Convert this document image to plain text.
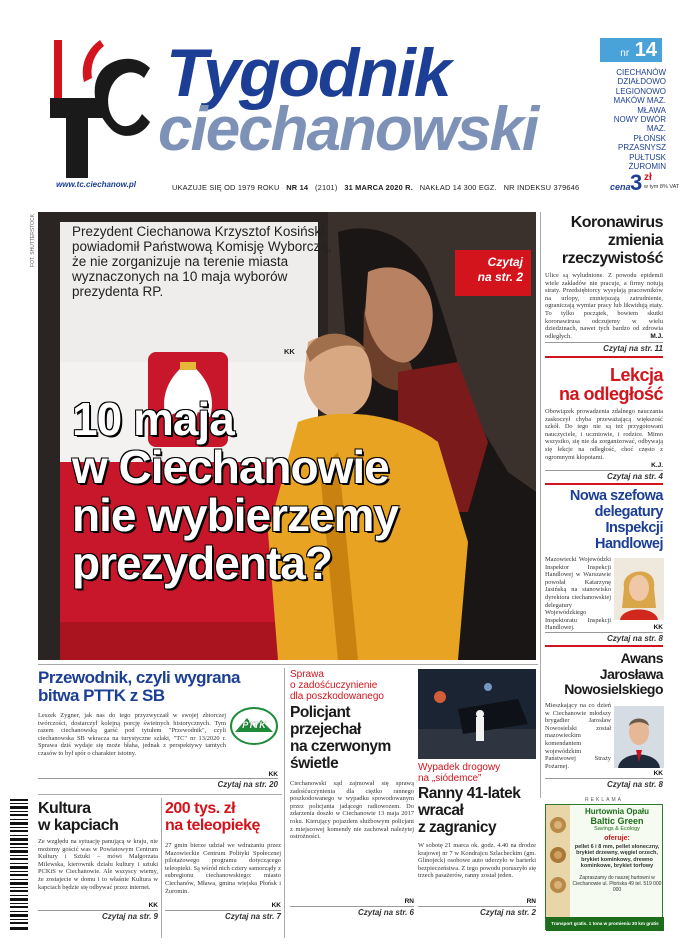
www.tc.ciechanow.pl
Tygodnik
ciechanowski
nr 14
CIECHANÓW
DZIAŁDOWO
LEGIONOWO
MAKÓW MAZ.
MŁAWA
NOWY DWÓR MAZ.
PŁOŃSK
PRZASNYSZ
PUŁTUSK
ŻUROMIN
UKAZUJE SIĘ OD 1979 ROKU NR 14 (2101) 31 MARCA 2020 R. NAKŁAD 14 300 EGZ. NR INDEKSU 379646	cena 3 zł
w tym 8% VAT
FOT. SHUTTERSTOCK	Prezydent Ciechanowa Krzysztof Kosiński powiadomił Państwową Komisję Wyborczą, że nie zorganizuje na terenie miasta wyznaczonych na 10 maja wyborów prezydenta RP.
KK
Czytaj
na str. 2
10 maja
w Ciechanowie
nie wybierzemy
prezydenta?
Koronawirus
zmienia
rzeczywistość
Ulice są wyludnione. Z powodu epidemii wiele zakładów nie pracuje, a firmy notują straty. Przedsiębiorcy wysyłają pracowników na urlopy, zmniejszają zatrudnienie, ograniczają wymiar pracy lub likwidują etaty. To tylko początek, bowiem skutki koronawirusa odczujemy w wielu dziedzinach, nawet tych bardzo od zdrowia odległych.	M.J.
Czytaj na str. 11
Lekcja
na odległość
Obowiązek prowadzenia zdalnego nauczania zaskoczył chyba przeważającą większość szkół. Do tego nie są też przygotowani nauczyciele, i uczniowie, i rodzice. Mimo wszystko, się nie da zorganizować, odbywają się lekcje na odległość, choć często z ogromnymi kłopotami.
K.J.
Czytaj na str. 4
Nowa szefowa
delegatury
Inspekcji
Handlowej
Mazowiecki Wojewódzki Inspektor Inspekcji Handlowej w Warszawie powołał Katarzynę Jasińską na stanowisko dyrektora ciechanowskiej delegatury Wojewódzkiego Inspektoratu Inspekcji Handlowej.	KK
Czytaj na str. 8
Awans
Jarosława
Nowosielskiego
Mieszkający na co dzień w Ciechanowie młodszy brygadier Jarosław Nowosielski został mazowieckim komendantem wojewódzkim Państwowej Straży Pożarnej.
KK
Czytaj na str. 8
REKLAMA
Hurtownia Opału
Baltic Green
Savings & Ecology
oferuje:
pellet 6 i 8 mm, pellet słoneczny, brykiet drzewny, węgiel orzech, brykiet kominkowy, drewno kominkowe, brykiet torfowy
Zapraszamy do naszej hurtowni w Ciechanowie ul. Płońska 49 tel. 519 000 000
Transport gratis. 1 tona w promieniu 30 km gratis
Przewodnik, czyli wygrana
bitwa PTTK z SB
Leszek Zygner, jak nas do tego przyzwyczaił w swojej zbiorczej twórczości, dostarczył kolejną porcję świetnych historycznych. Tym razem ciechanowską garść pod tytułem "Przewodnik", czyli ciechanowska SB wkracza na turystyczne szlaki, "TC" nr 13/2020 r. Sprawa dziś wydaje się może błaha, jednak z perspektywy tamtych czasów to był spór o charakter istotny.
PTTK
KK
Czytaj na str. 20
Sprawa
o zadośćuczynienie
dla poszkodowanego
Policjant
przejechał
na czerwonym
świetle
Ciechanowski sąd zajmował się sprawą zadośćuczynienia dla ciężko rannego poszkodowanego w wypadku spowodowanym przez policjanta jadącego radiowozem. Do zdarzenia doszło w Ciechanowie 13 maja 2017 roku. Kierujący pojazdem służbowym policjant z miejscowej komendy nie zachował należytej ostrożności.
RN
Czytaj na str. 6
Wypadek drogowy
na „siódemce”
Ranny 41-latek
wracał
z zagranicy
W sobotę 21 marca ok. godz. 4.40 na drodze krajowej nr 7 w Kondrajcu Szlacheckim (gm. Glinojeck) osobowe auto uderzyło w barierki bezpieczeństwa. Z tego powodu poruszyło się trzech pasażerów, ranny został jeden.
RN
Czytaj na str. 2
Kultura
w kapciach
Ze względu na sytuację panującą w kraju, nie możemy gościć was w Powiatowym Centrum Kultury i Sztuki – mówi Małgorzata Milewska, kierownik działu kultury i sztuki PCKiS w Ciechanowie. Ale wszyscy wiemy, że zostajecie w domu i to właśnie Kultura w kapciach będzie się odbywać przez internet.
KK
Czytaj na str. 9
200 tys. zł
na teleopiekę
27 gmin bierze udział we wdrażaniu przez Mazowieckie Centrum Polityki Społecznej pilotażowego programu dotyczącego teleopieki. Są wśród nich cztery samorządy z subregionu ciechanowskiego: miasto Ciechanów, Mława, gmina wiejska Płońsk i Żuromin.
KK
Czytaj na str. 7
